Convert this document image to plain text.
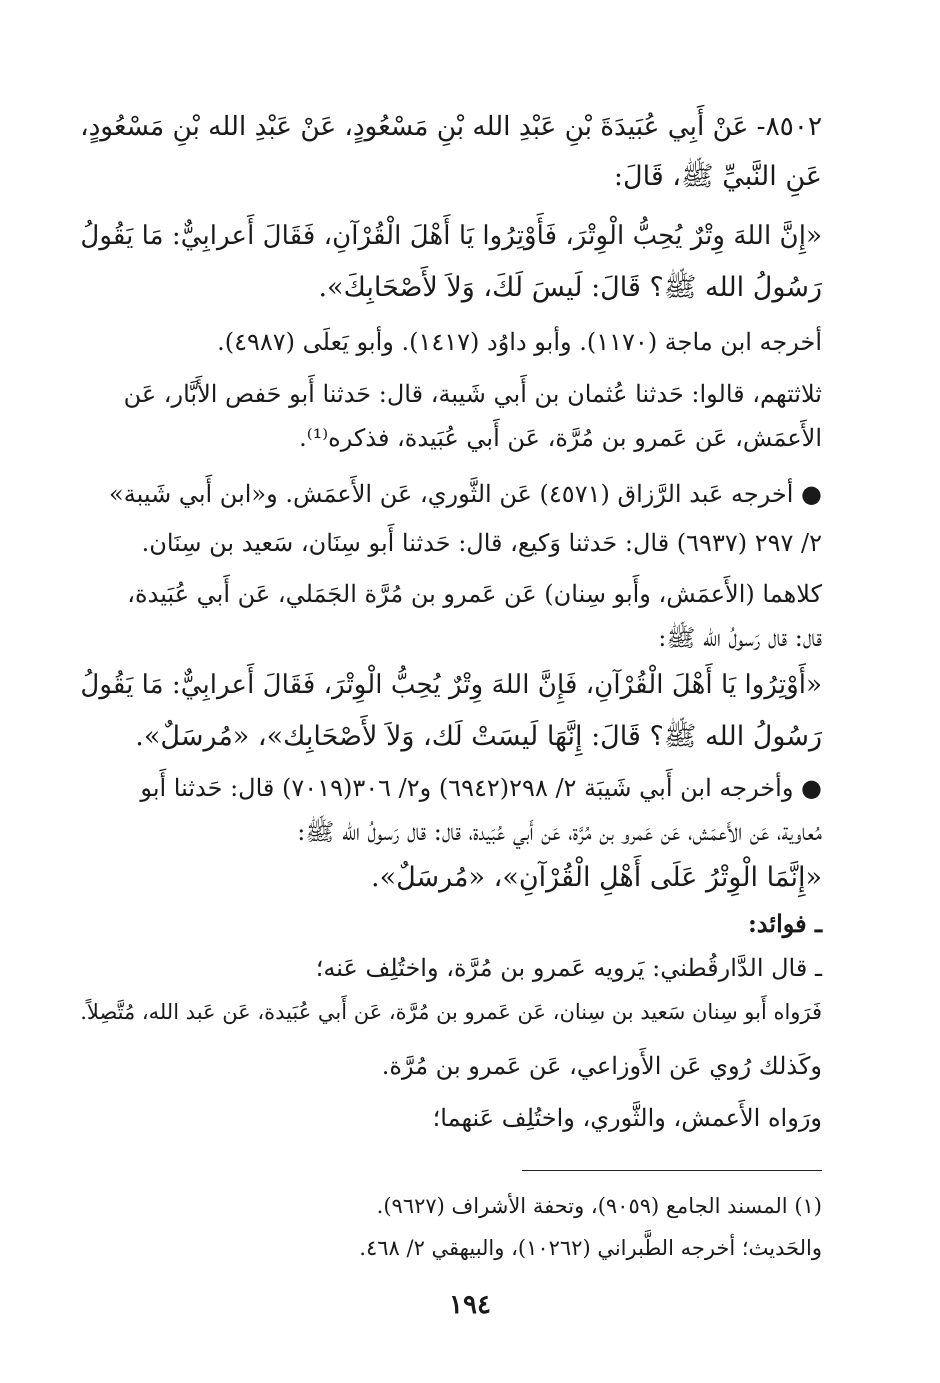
٨٥٠٢- عَنْ أَبِي عُبَيدَةَ بْنِ عَبْدِ الله بْنِ مَسْعُودٍ، عَنْ عَبْدِ الله بْنِ مَسْعُودٍ،
عَنِ النَّبيِّ ﷺ، قَالَ:
«إِنَّ اللهَ وِتْرٌ يُحِبُّ الْوِتْرَ، فَأَوْتِرُوا يَا أَهْلَ الْقُرْآنِ، فَقَالَ أَعرابِيٌّ: مَا يَقُولُ
رَسُولُ الله ﷺ؟ قَالَ: لَيسَ لَكَ، وَلاَ لأَصْحَابِكَ».
أخرجه ابن ماجة (١١٧٠). وأبو داوُد (١٤١٧). وأبو يَعلَى (٤٩٨٧).
ثلاثتهم، قالوا: حَدثنا عُثمان بن أَبي شَيبة، قال: حَدثنا أَبو حَفص الأَبَّار، عَن
الأَعمَش، عَن عَمرو بن مُرَّة، عَن أَبي عُبَيدة، فذكره⁽¹⁾.
● أخرجه عَبد الرَّزاق (٤٥٧١) عَن الثَّوري، عَن الأَعمَش. و«ابن أَبي شَيبة»
٢/ ٢٩٧ (٦٩٣٧) قال: حَدثنا وَكيع، قال: حَدثنا أَبو سِنَان، سَعيد بن سِنَان.
كلاهما (الأَعمَش، وأَبو سِنان) عَن عَمرو بن مُرَّة الجَمَلي، عَن أَبي عُبَيدة،
قال: قال رَسولُ الله ﷺ:
«أَوْتِرُوا يَا أَهْلَ الْقُرْآنِ، فَإِنَّ اللهَ وِتْرٌ يُحِبُّ الْوِتْرَ، فَقَالَ أَعرابِيٌّ: مَا يَقُولُ
رَسُولُ الله ﷺ؟ قَالَ: إِنَّهَا لَيسَتْ لَك، وَلاَ لأَصْحَابِك»، «مُرسَلٌ».
● وأخرجه ابن أَبي شَيبَة ٢/ ٢٩٨(٦٩٤٢) و٢/ ٣٠٦(٧٠١٩) قال: حَدثنا أَبو
مُعاوية، عَن الأَعمَش، عَن عَمرو بن مُرَّة، عَن أَبي عُبَيدة، قال: قال رَسولُ الله ﷺ:
«إِنَّمَا الْوِتْرُ عَلَى أَهْلِ الْقُرْآنِ»، «مُرسَلٌ».
ـ فوائد:
ـ قال الدَّارقُطني: يَرويه عَمرو بن مُرَّة، واختُلِف عَنه؛
فَرَواه أَبو سِنان سَعيد بن سِنان، عَن عَمرو بن مُرَّة، عَن أَبي عُبَيدة، عَن عَبد الله، مُتَّصِلاً.
وكَذلك رُوي عَن الأَوزاعي، عَن عَمرو بن مُرَّة.
ورَواه الأَعمش، والثَّوري، واختُلِف عَنهما؛
(١) المسند الجامع (٩٠٥٩)، وتحفة الأشراف (٩٦٢٧).
والحَديث؛ أخرجه الطَّبراني (١٠٢٦٢)، والبيهقي ٢/ ٤٦٨.
١٩٤
